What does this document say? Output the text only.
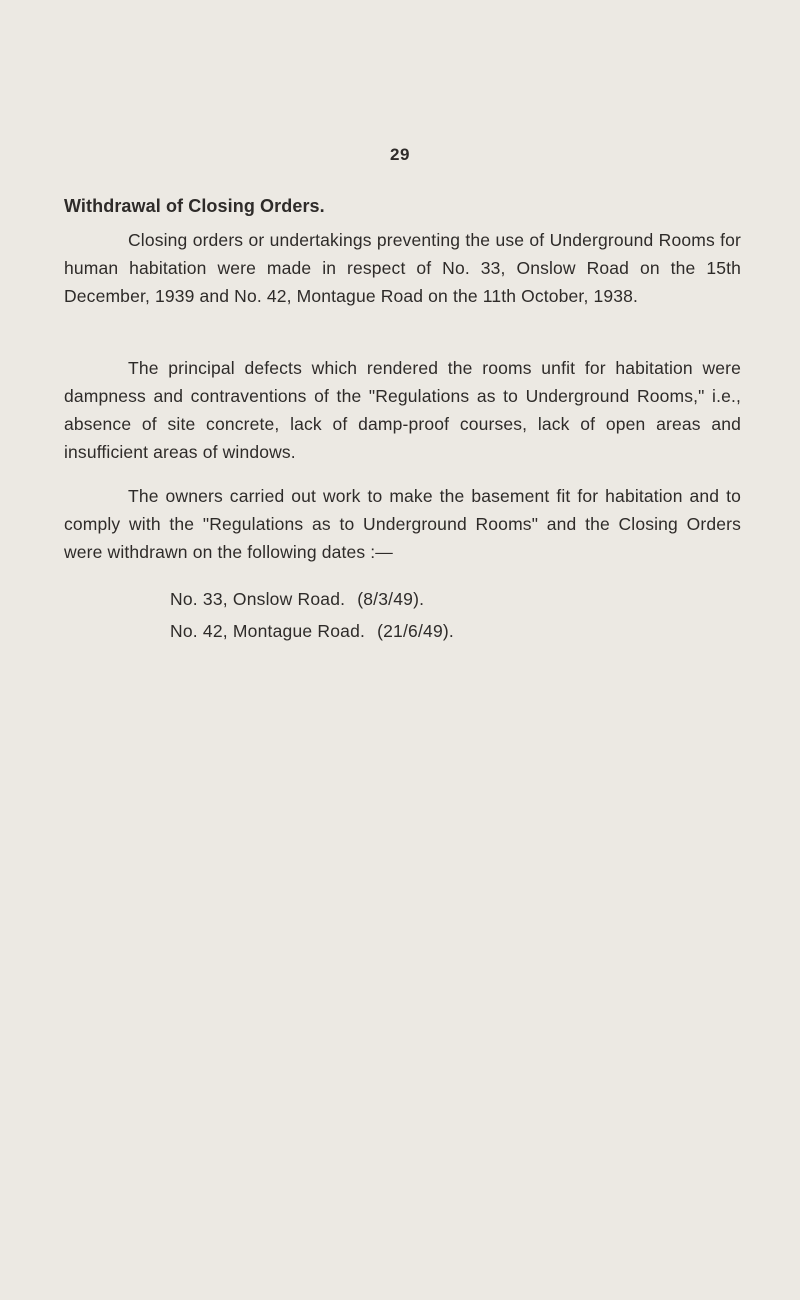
29
Withdrawal of Closing Orders.

Closing orders or undertakings preventing the use of Underground Rooms for human habitation were made in respect of No. 33, Onslow Road on the 15th December, 1939 and No. 42, Montague Road on the 11th October, 1938.

The principal defects which rendered the rooms unfit for habitation were dampness and contraventions of the "Regulations as to Underground Rooms," i.e., absence of site concrete, lack of damp-proof courses, lack of open areas and insufficient areas of windows.

The owners carried out work to make the basement fit for habitation and to comply with the "Regulations as to Underground Rooms" and the Closing Orders were withdrawn on the following dates :—

No. 33, Onslow Road. (8/3/49).
No. 42, Montague Road. (21/6/49).
